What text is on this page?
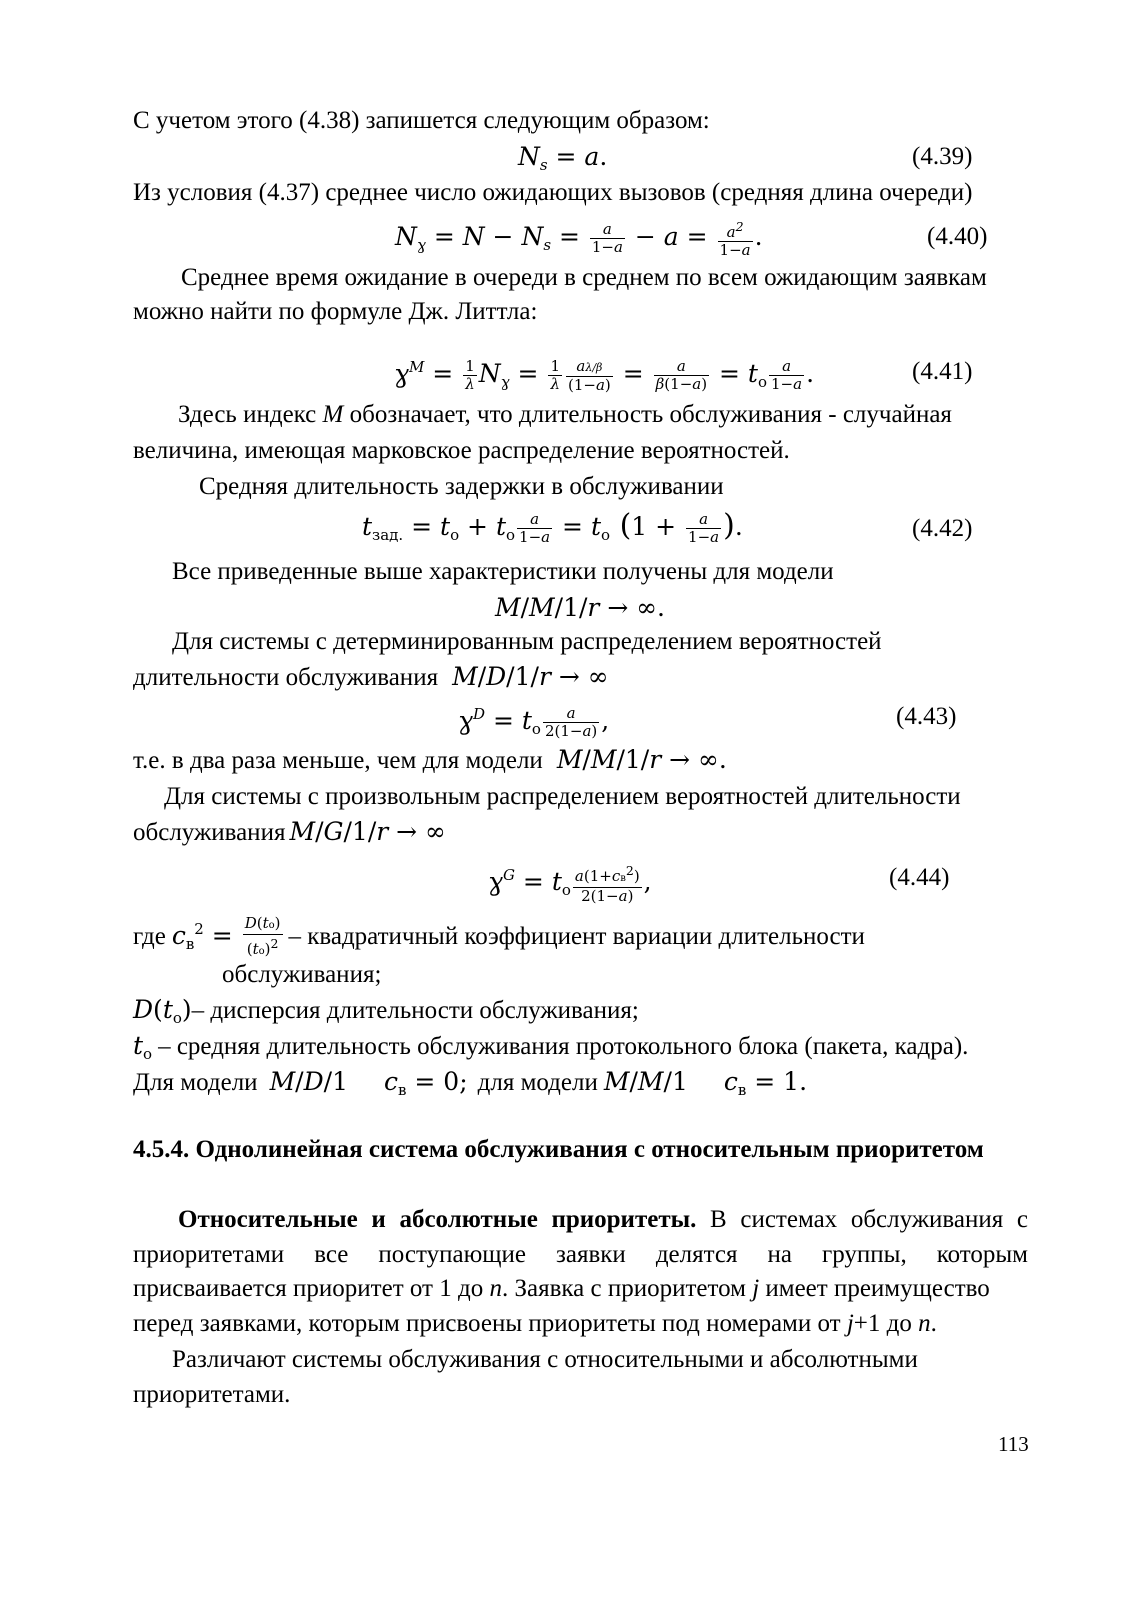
С учетом этого (4.38) запишется следующим образом:
$N_s = a$.	(4.39)
Из условия (4.37) среднее число ожидающих вызовов (средняя длина очереди)
$N_ɣ = N - N_s = \frac{a}{1-a} - a = \frac{a^2}{1-a}$ .	(4.40)
Среднее время ожидание в очереди в среднем по всем ожидающим заявкам
можно найти по формуле Дж. Литтла:
ɣ$^M$ = $\frac{1}{\lambda} N_ɣ = \frac{1}{\lambda} \frac{a\lambda/\beta}{(1-a)} = \frac{a}{\beta(1-a)} = t_о \frac{a}{1-a}$ .	(4.41)
Здесь индекс M обозначает, что длительность обслуживания - случайная
величина, имеющая марковское распределение вероятностей.
Средняя длительность задержки в обслуживании
$t_{зад.} = t_о + t_о \frac{a}{1-a} = t_о$ ($1 + \frac{a}{1-a}$ ).	(4.42)
Все приведенные выше характеристики получены для модели
M/M/1/r → ∞.
Для системы с детерминированным распределением вероятностей
длительности обслуживания M/D/1/r → ∞
ɣ$^D$ = $t_о \frac{a}{2(1-a)}$ ,	(4.43)
т.е. в два раза меньше, чем для модели M/M/1/r → ∞.
Для системы с произвольным распределением вероятностей длительности
обслуживания M/G/1/r → ∞
ɣ$^G$ = $t_о \frac{a(1+cв^2)}{2(1-a)}$ ,	(4.44)
где $c_в^2 = \frac{D(tо)}{(tо)^2}$ – квадратичный коэффициент вариации длительности
обслуживания;
$D(t_о)-$ дисперсия длительности обслуживания;
$t_о$ – средняя длительность обслуживания протокольного блока (пакета, кадра).
Для модели M/D/1 $c_в = 0$; для модели M/M/1 $c_в = 1$.
4.5.4. Однолинейная система обслуживания с относительным приоритетом
Относительные и абсолютные приоритеты. В системах обслуживания с
приоритетами все поступающие заявки делятся на группы, которым
присваивается приоритет от 1 до n. Заявка с приоритетом j имеет преимущество
перед заявками, которым присвоены приоритеты под номерами от j+1 до n.
Различают системы обслуживания с относительными и абсолютными
приоритетами.
113
